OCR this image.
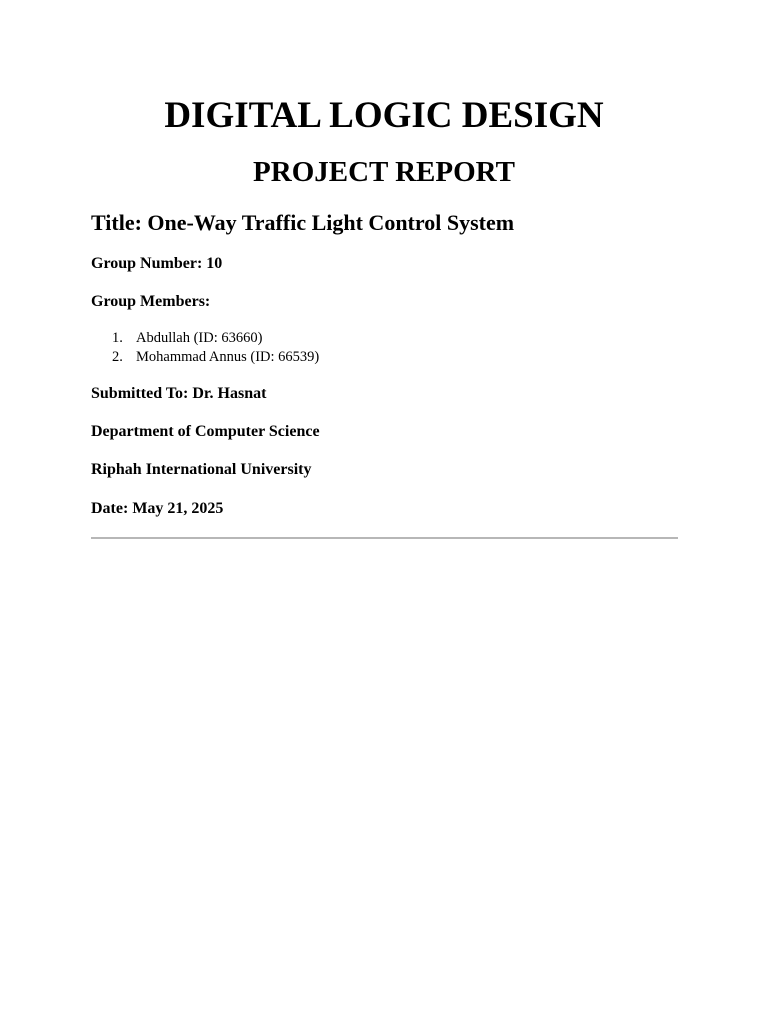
DIGITAL LOGIC DESIGN
PROJECT REPORT
Title: One-Way Traffic Light Control System

Group Number: 10

Group Members:

1. Abdullah (ID: 63660)
2. Mohammad Annus (ID: 66539)

Submitted To: Dr. Hasnat

Department of Computer Science

Riphah International University

Date: May 21, 2025
